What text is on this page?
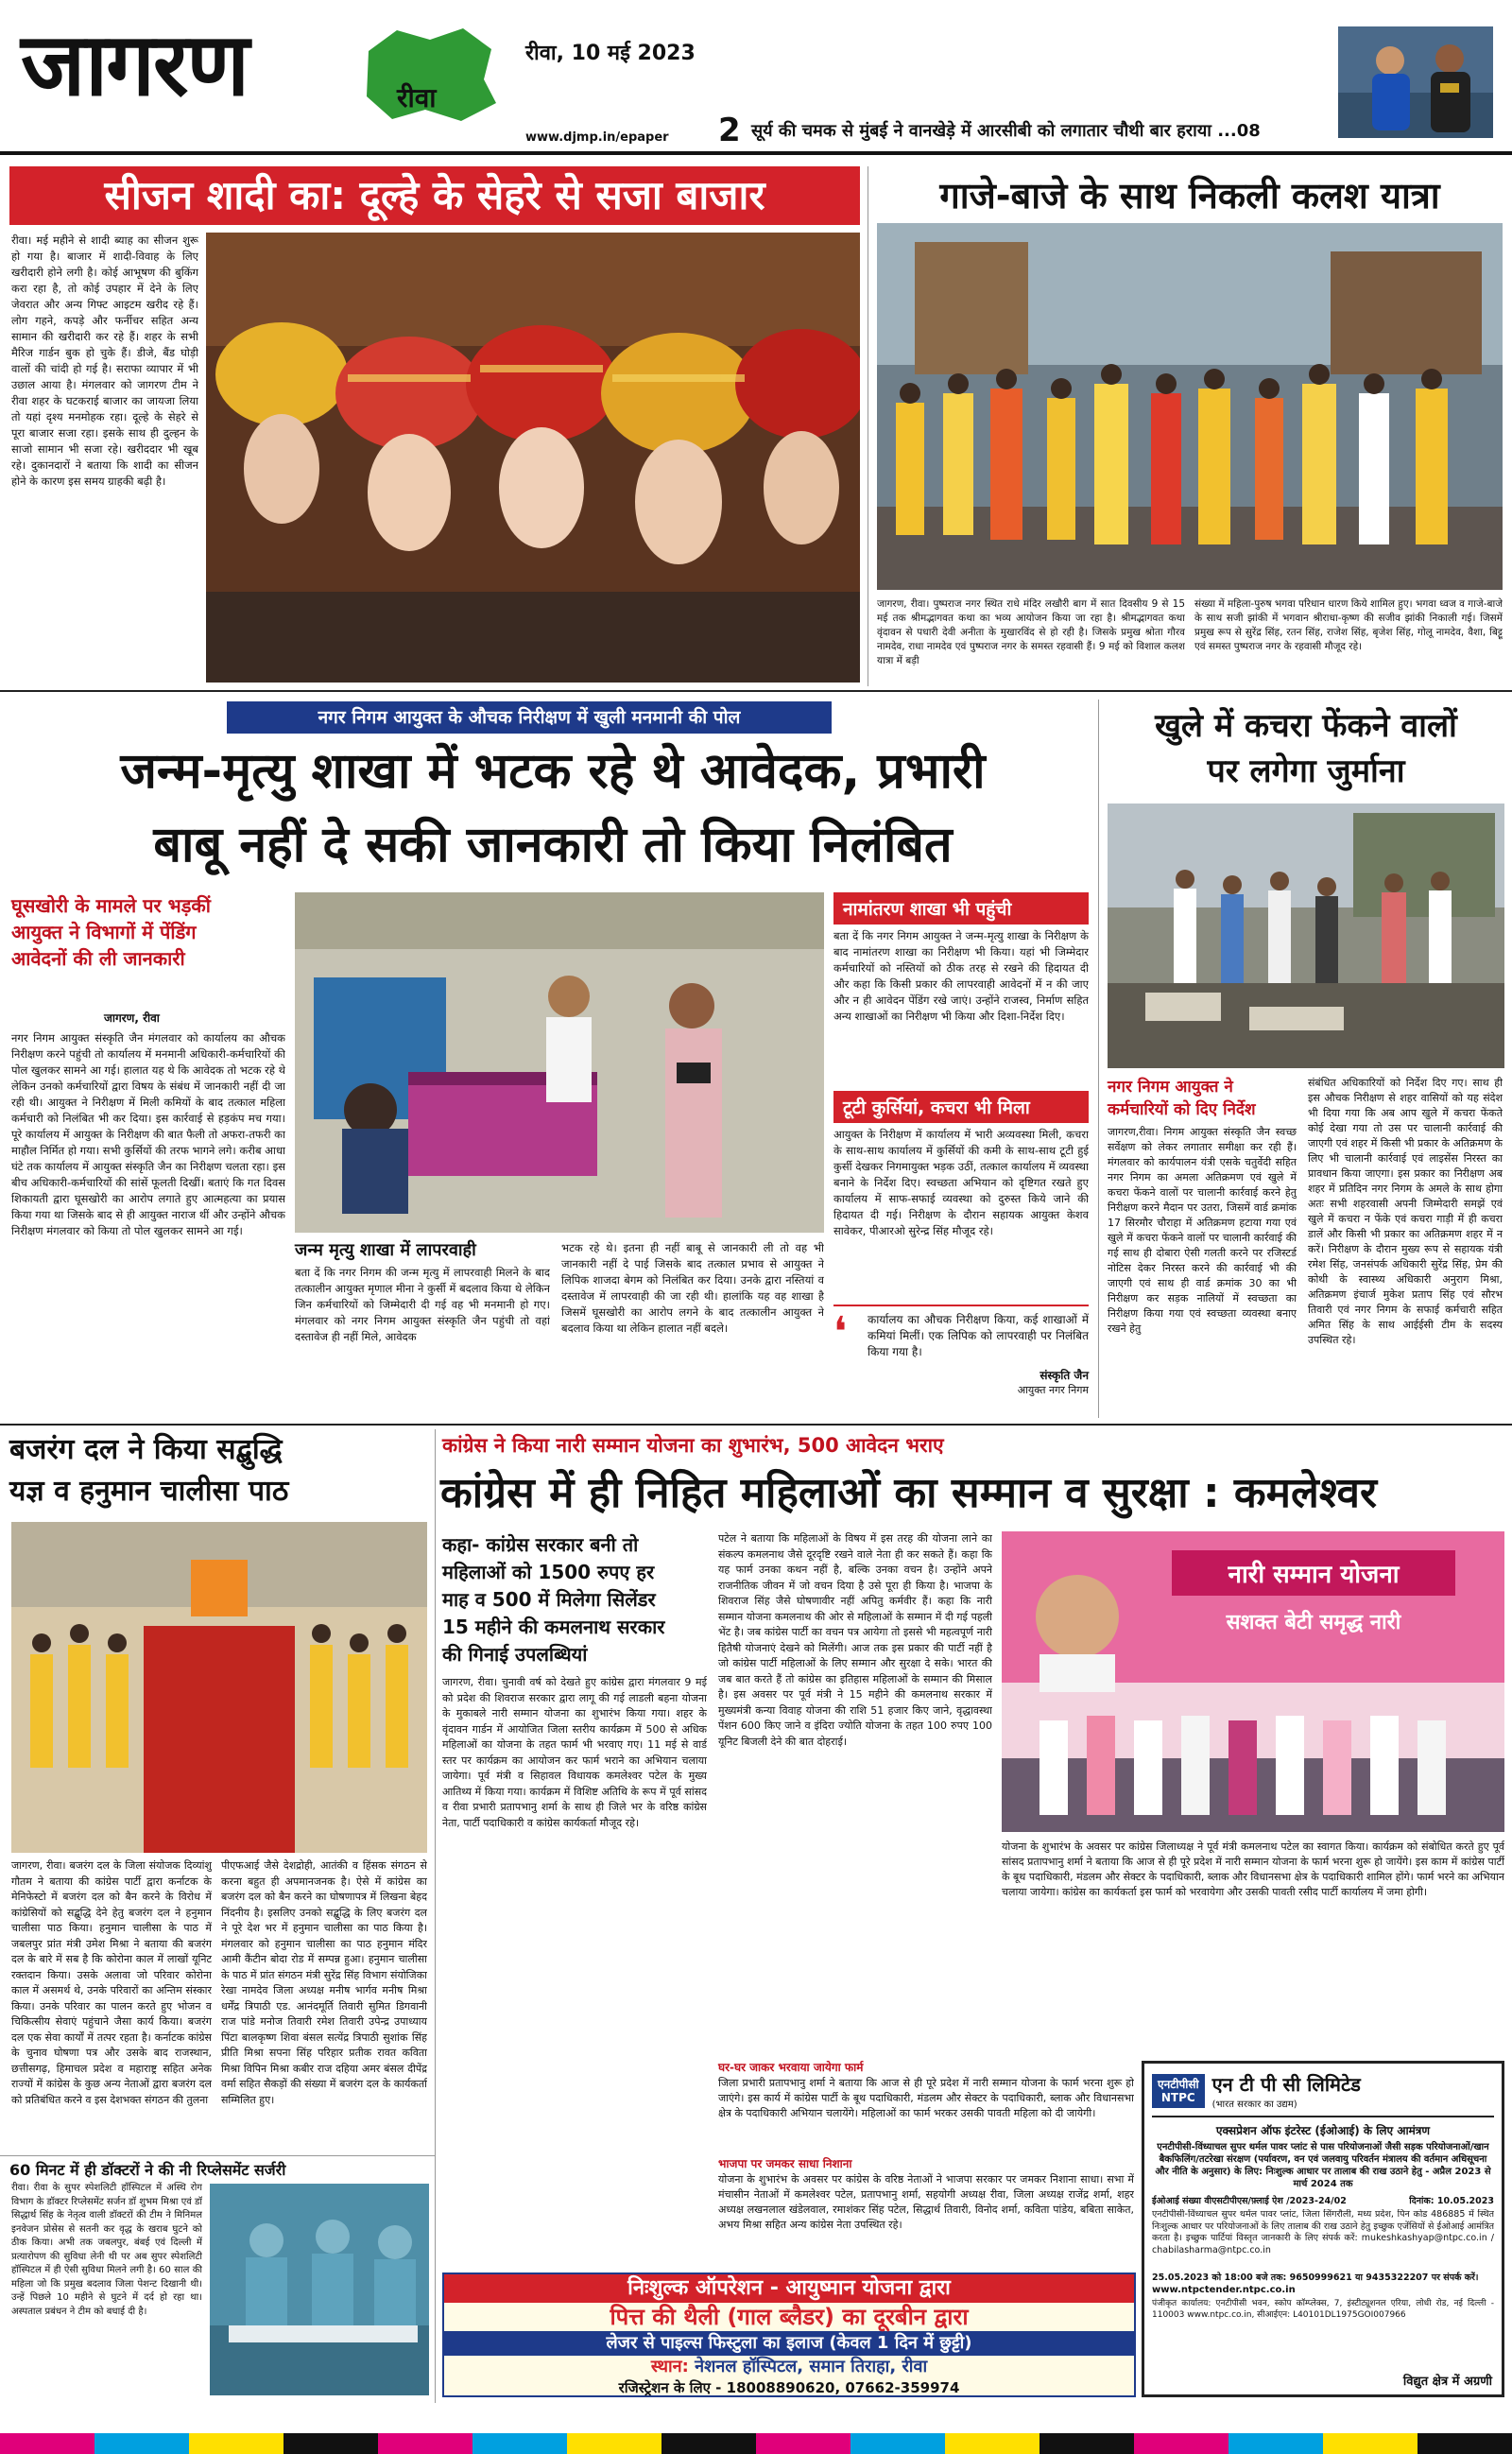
जागरण	रीवा
रीवा, 10 मई 2023
www.djmp.in/epaper 2 सूर्य की चमक से मुंबई ने वानखेड़े में आरसीबी को लगातार चौथी बार हराया ...08
सीजन शादी का: दूल्हे के सेहरे से सजा बाजार
रीवा। मई महीने से शादी ब्याह का सीजन शुरू हो गया है। बाजार में शादी-विवाह के लिए खरीदारी होने लगी है। कोई आभूषण की बुकिंग करा रहा है, तो कोई उपहार में देने के लिए जेवरात और अन्य गिफ्ट आइटम खरीद रहे हैं। लोग गहने, कपड़े और फर्नीचर सहित अन्य सामान की खरीदारी कर रहे हैं। शहर के सभी मैरिज गार्डन बुक हो चुके हैं। डीजे, बैंड घोड़ी वालों की चांदी हो गई है। सराफा व्यापार में भी उछाल आया है। मंगलवार को जागरण टीम ने रीवा शहर के घटकराई बाजार का जायजा लिया तो यहां दृश्य मनमोहक रहा। दूल्हे के सेहरे से पूरा बाजार सजा रहा। इसके साथ ही दुल्हन के साजो सामान भी सजा रहे। खरीददार भी खूब रहे। दुकानदारों ने बताया कि शादी का सीजन होने के कारण इस समय ग्राहकी बढ़ी है।
गाजे-बाजे के साथ निकली कलश यात्रा
जागरण, रीवा। पुष्पराज नगर स्थित राधे मंदिर लखौरी बाग में सात दिवसीय 9 से 15 मई तक श्रीमद्भागवत कथा का भव्य आयोजन किया जा रहा है। श्रीमद्भागवत कथा वृंदावन से पधारी देवी अनीता के मुखारविंद से हो रही है। जिसके प्रमुख श्रोता गौरव नामदेव, राधा नामदेव एवं पुष्पराज नगर के समस्त रहवासी हैं। 9 मई को विशाल कलश यात्रा में बड़ी
संख्या में महिला-पुरुष भगवा परिधान धारण किये शामिल हुए। भगवा ध्वज व गाजे-बाजे के साथ सजी झांकी में भगवान श्रीराधा-कृष्ण की सजीव झांकी निकाली गई। जिसमें प्रमुख रूप से सुरेंद्र सिंह, रतन सिंह, राजेश सिंह, बृजेश सिंह, गोलू नामदेव, वैशा, बिट्टू एवं समस्त पुष्पराज नगर के रहवासी मौजूद रहे।
नगर निगम आयुक्त के औचक निरीक्षण में खुली मनमानी की पोल
जन्म-मृत्यु शाखा में भटक रहे थे आवेदक, प्रभारी
बाबू नहीं दे सकी जानकारी तो किया निलंबित
घूसखोरी के मामले पर भड़कीं
आयुक्त ने विभागों में पेंडिंग
आवेदनों की ली जानकारी
जागरण, रीवा
नगर निगम आयुक्त संस्कृति जैन मंगलवार को कार्यालय का औचक निरीक्षण करने पहुंची तो कार्यालय में मनमानी अधिकारी-कर्मचारियों की पोल खुलकर सामने आ गई। हालात यह थे कि आवेदक तो भटक रहे थे लेकिन उनको कर्मचारियों द्वारा विषय के संबंध में जानकारी नहीं दी जा रही थी। आयुक्त ने निरीक्षण में मिली कमियों के बाद तत्काल महिला कर्मचारी को निलंबित भी कर दिया। इस कार्रवाई से हड़कंप मच गया। पूरे कार्यालय में आयुक्त के निरीक्षण की बात फैली तो अफरा-तफरी का माहौल निर्मित हो गया। सभी कुर्सियों की तरफ भागने लगे। करीब आधा घंटे तक कार्यालय में आयुक्त संस्कृति जैन का निरीक्षण चलता रहा। इस बीच अधिकारी-कर्मचारियों की सांसें फूलती दिखीं। बताएं कि गत दिवस शिकायती द्वारा घूसखोरी का आरोप लगाते हुए आत्महत्या का प्रयास किया गया था जिसके बाद से ही आयुक्त नाराज थीं और उन्होंने औचक निरीक्षण मंगलवार को किया तो पोल खुलकर सामने आ गई।
जन्म मृत्यु शाखा में लापरवाही
बता दें कि नगर निगम की जन्म मृत्यु में लापरवाही मिलने के बाद तत्कालीन आयुक्त मृणाल मीना ने कुर्सी में बदलाव किया थे लेकिन जिन कर्मचारियों को जिम्मेदारी दी गई वह भी मनमानी हो गए। मंगलवार को नगर निगम आयुक्त संस्कृति जैन पहुंची तो वहां दस्तावेज ही नहीं मिले, आवेदक
भटक रहे थे। इतना ही नहीं बाबू से जानकारी ली तो वह भी जानकारी नहीं दे पाई जिसके बाद तत्काल प्रभाव से आयुक्त ने लिपिक शाजदा बेगम को निलंबित कर दिया। उनके द्वारा नस्तियां व दस्तावेज में लापरवाही की जा रही थी। हालांकि यह वह शाखा है जिसमें घूसखोरी का आरोप लगने के बाद तत्कालीन आयुक्त ने बदलाव किया था लेकिन हालात नहीं बदले।
नामांतरण शाखा भी पहुंची
बता दें कि नगर निगम आयुक्त ने जन्म-मृत्यु शाखा के निरीक्षण के बाद नामांतरण शाखा का निरीक्षण भी किया। यहां भी जिम्मेदार कर्मचारियों को नस्तियों को ठीक तरह से रखने की हिदायत दी और कहा कि किसी प्रकार की लापरवाही आवेदनों में न की जाए और न ही आवेदन पेंडिंग रखे जाएं। उन्होंने राजस्व, निर्माण सहित अन्य शाखाओं का निरीक्षण भी किया और दिशा-निर्देश दिए।
टूटी कुर्सियां, कचरा भी मिला
आयुक्त के निरीक्षण में कार्यालय में भारी अव्यवस्था मिली, कचरा के साथ-साथ कार्यालय में कुर्सियों की कमी के साथ-साथ टूटी हुई कुर्सी देखकर निगमायुक्त भड़क उठीं, तत्काल कार्यालय में व्यवस्था बनाने के निर्देश दिए। स्वच्छता अभियान को दृष्टिगत रखते हुए कार्यालय में साफ-सफाई व्यवस्था को दुरुस्त किये जाने की हिदायत दी गई। निरीक्षण के दौरान सहायक आयुक्त केशव सावेकर, पीआरओ सुरेन्द्र सिंह मौजूद रहे।
❛ कार्यालय का औचक निरीक्षण किया, कई शाखाओं में कमियां मिलीं। एक लिपिक को लापरवाही पर निलंबित किया गया है।
संस्कृति जैन
आयुक्त नगर निगम
खुले में कचरा फेंकने वालों
पर लगेगा जुर्माना
नगर निगम आयुक्त ने
कर्मचारियों को दिए निर्देश
जागरण,रीवा। निगम आयुक्त संस्कृति जैन स्वच्छ सर्वेक्षण को लेकर लगातार समीक्षा कर रही हैं। मंगलवार को कार्यपालन यंत्री एसके चतुर्वेदी सहित नगर निगम का अमला अतिक्रमण एवं खुले में कचरा फेंकने वालों पर चालानी कार्रवाई करने हेतु निरीक्षण करने मैदान पर उतरा, जिसमें वार्ड क्रमांक 17 सिरमौर चौराहा में अतिक्रमण हटाया गया एवं खुले में कचरा फेंकने वालों पर चालानी कार्रवाई की गई साथ ही दोबारा ऐसी गलती करने पर रजिस्टर्ड नोटिस देकर निरस्त करने की कार्रवाई भी की जाएगी एवं साथ ही वार्ड क्रमांक 30 का भी निरीक्षण कर सड़क नालियों में स्वच्छता का निरीक्षण किया गया एवं स्वच्छता व्यवस्था बनाए रखने हेतु
संबंधित अधिकारियों को निर्देश दिए गए। साथ ही इस औचक निरीक्षण से शहर वासियों को यह संदेश भी दिया गया कि अब आप खुले में कचरा फेंकते कोई देखा गया तो उस पर चालानी कार्रवाई की जाएगी एवं शहर में किसी भी प्रकार के अतिक्रमण के लिए भी चालानी कार्रवाई एवं लाइसेंस निरस्त का प्रावधान किया जाएगा। इस प्रकार का निरीक्षण अब शहर में प्रतिदिन नगर निगम के अमले के साथ होगा अतः सभी शहरवासी अपनी जिम्मेदारी समझें एवं खुले में कचरा न फेंके एवं कचरा गाड़ी में ही कचरा डालें और किसी भी प्रकार का अतिक्रमण शहर में न करें। निरीक्षण के दौरान मुख्य रूप से सहायक यंत्री रमेश सिंह, जनसंपर्क अधिकारी सुरेंद्र सिंह, प्रेम की कोथी के स्वास्थ्य अधिकारी अनुराग मिश्रा, अतिक्रमण इंचार्ज मुकेश प्रताप सिंह एवं सौरभ तिवारी एवं नगर निगम के सफाई कर्मचारी सहित अमित सिंह के साथ आईईसी टीम के सदस्य उपस्थित रहे।
बजरंग दल ने किया सद्बुद्धि
यज्ञ व हनुमान चालीसा पाठ
जागरण, रीवा। बजरंग दल के जिला संयोजक दिव्यांशु गौतम ने बताया की कांग्रेस पार्टी द्वारा कर्नाटक के मेनिफेस्टो में बजरंग दल को बैन करने के विरोध में कांग्रेसियों को सद्बुद्धि देने हेतु बजरंग दल ने हनुमान चालीसा पाठ किया। हनुमान चालीसा के पाठ में जबलपुर प्रांत मंत्री उमेश मिश्रा ने बताया की बजरंग दल के बारे में सब है कि कोरोना काल में लाखों यूनिट रक्तदान किया। उसके अलावा जो परिवार कोरोना काल में असमर्थ थे, उनके परिवारों का अन्तिम संस्कार किया। उनके परिवार का पालन करते हुए भोजन व चिकित्सीय सेवाएं पहुंचाने जैसा कार्य किया। बजरंग दल एक सेवा कार्यों में तत्पर रहता है। कर्नाटक कांग्रेस के चुनाव घोषणा पत्र और उसके बाद राजस्थान, छत्तीसगढ़, हिमाचल प्रदेश व महाराष्ट्र सहित अनेक राज्यों में कांग्रेस के कुछ अन्य नेताओं द्वारा बजरंग दल को प्रतिबंधित करने व इस देशभक्त संगठन की तुलना
पीएफआई जैसे देशद्रोही, आतंकी व हिंसक संगठन से करना बहुत ही अपमानजनक है। ऐसे में कांग्रेस का बजरंग दल को बैन करने का घोषणापत्र में लिखना बेहद निंदनीय है। इसलिए उनको सद्बुद्धि के लिए बजरंग दल ने पूरे देश भर में हनुमान चालीसा का पाठ किया है। मंगलवार को हनुमान चालीसा का पाठ हनुमान मंदिर आमी कैंटीन बोदा रोड में सम्पन्न हुआ। हनुमान चालीसा के पाठ में प्रांत संगठन मंत्री सुरेंद्र सिंह विभाग संयोजिका रेखा नामदेव जिला अध्यक्ष मनीष भार्गव मनीष मिश्रा धर्मेंद्र त्रिपाठी एड. आनंदमूर्ति तिवारी सुमित डिगवानी राज पांडे मनोज तिवारी रमेश तिवारी उपेन्द्र उपाध्याय पिंटा बालकृष्ण शिवा बंसल सत्येंद्र त्रिपाठी सुशांक सिंह प्रीति मिश्रा सपना सिंह परिहार प्रतीक रावत कविता मिश्रा विपिन मिश्रा कबीर राज दहिया अमर बंसल दीपेंद्र वर्मा सहित सैकड़ों की संख्या में बजरंग दल के कार्यकर्ता सम्मिलित हुए।
कांग्रेस ने किया नारी सम्मान योजना का शुभारंभ, 500 आवेदन भराए
कांग्रेस में ही निहित महिलाओं का सम्मान व सुरक्षा : कमलेश्वर
कहा- कांग्रेस सरकार बनी तो
महिलाओं को 1500 रुपए हर
माह व 500 में मिलेगा सिलेंडर
15 महीने की कमलनाथ सरकार
की गिनाई उपलब्धियां
जागरण, रीवा। चुनावी वर्ष को देखते हुए कांग्रेस द्वारा मंगलवार 9 मई को प्रदेश की शिवराज सरकार द्वारा लागू की गई लाडली बहना योजना के मुकाबले नारी सम्मान योजना का शुभारंभ किया गया। शहर के वृंदावन गार्डन में आयोजित जिला स्तरीय कार्यक्रम में 500 से अधिक महिलाओं का योजना के तहत फार्म भी भरवाए गए। 11 मई से वार्ड स्तर पर कार्यक्रम का आयोजन कर फार्म भराने का अभियान चलाया जायेगा। पूर्व मंत्री व सिहावल विधायक कमलेश्वर पटेल के मुख्य आतिथ्य में किया गया। कार्यक्रम में विशिष्ट अतिथि के रूप में पूर्व सांसद व रीवा प्रभारी प्रतापभानु शर्मा के साथ ही जिले भर के वरिष्ठ कांग्रेस नेता, पार्टी पदाधिकारी व कांग्रेस कार्यकर्ता मौजूद रहे।
पटेल ने बताया कि महिलाओं के विषय में इस तरह की योजना लाने का संकल्प कमलनाथ जैसे दूरदृष्टि रखने वाले नेता ही कर सकते हैं। कहा कि यह फार्म उनका कथन नहीं है, बल्कि उनका वचन है। उन्होंने अपने राजनीतिक जीवन में जो वचन दिया है उसे पूरा ही किया है। भाजपा के शिवराज सिंह जैसे घोषणावीर नहीं अपितु कर्मवीर हैं। कहा कि नारी सम्मान योजना कमलनाथ की ओर से महिलाओं के सम्मान में दी गई पहली भेंट है। जब कांग्रेस पार्टी का वचन पत्र आयेगा तो इससे भी महत्वपूर्ण नारी हितैषी योजनाएं देखने को मिलेंगी। आज तक इस प्रकार की पार्टी नहीं है जो कांग्रेस पार्टी महिलाओं के लिए सम्मान और सुरक्षा दे सके। भारत की जब बात करते हैं तो कांग्रेस का इतिहास महिलाओं के सम्मान की मिसाल है। इस अवसर पर पूर्व मंत्री ने 15 महीने की कमलनाथ सरकार में मुख्यमंत्री कन्या विवाह योजना की राशि 51 हजार किए जाने, वृद्धावस्था पेंशन 600 किए जाने व इंदिरा ज्योति योजना के तहत 100 रुपए 100 यूनिट बिजली देने की बात दोहराई।
नारी सम्मान योजना
सशक्त बेटी समृद्ध नारी
योजना के शुभारंभ के अवसर पर कांग्रेस जिलाध्यक्ष ने पूर्व मंत्री कमलनाथ पटेल का स्वागत किया। कार्यक्रम को संबोधित करते हुए पूर्व सांसद प्रतापभानु शर्मा ने बताया कि आज से ही पूरे प्रदेश में नारी सम्मान योजना के फार्म भरना शुरू हो जायेंगे। इस काम में कांग्रेस पार्टी के बूथ पदाधिकारी, मंडलम और सेक्टर के पदाधिकारी, ब्लाक और विधानसभा क्षेत्र के पदाधिकारी शामिल होंगे। फार्म भरने का अभियान चलाया जायेगा। कांग्रेस का कार्यकर्ता इस फार्म को भरवायेगा और उसकी पावती रसीद पार्टी कार्यालय में जमा होगी।
घर-घर जाकर भरवाया जायेगा फार्म
जिला प्रभारी प्रतापभानु शर्मा ने बताया कि आज से ही पूरे प्रदेश में नारी सम्मान योजना के फार्म भरना शुरू हो जाएंगे। इस कार्य में कांग्रेस पार्टी के बूथ पदाधिकारी, मंडलम और सेक्टर के पदाधिकारी, ब्लाक और विधानसभा क्षेत्र के पदाधिकारी अभियान चलायेंगे। महिलाओं का फार्म भरकर उसकी पावती महिला को दी जायेगी।
भाजपा पर जमकर साधा निशाना
योजना के शुभारंभ के अवसर पर कांग्रेस के वरिष्ठ नेताओं ने भाजपा सरकार पर जमकर निशाना साधा। सभा में मंचासीन नेताओं में कमलेश्वर पटेल, प्रतापभानु शर्मा, सहयोगी अध्यक्ष रीवा, जिला अध्यक्ष राजेंद्र शर्मा, शहर अध्यक्ष लखनलाल खंडेलवाल, रमाशंकर सिंह पटेल, सिद्धार्थ तिवारी, विनोद शर्मा, कविता पांडेय, बबिता साकेत, अभय मिश्रा सहित अन्य कांग्रेस नेता उपस्थित रहे।
एनटीपीसी
NTPC
एन टी पी सी लिमिटेड
(भारत सरकार का उद्यम)
एक्सप्रेशन ऑफ इंटरेस्ट (ईओआई) के लिए आमंत्रण
एनटीपीसी-विंध्याचल सुपर थर्मल पावर प्लांट से पास परियोजनाओं जैसी सड़क परियोजनाओं/खान बैकफिलिंग/तटरेखा संरक्षण (पर्यावरण, वन एवं जलवायु परिवर्तन मंत्रालय की वर्तमान अधिसूचना और नीति के अनुसार) के लिए: निःशुल्क आधार पर तालाब की राख उठाने हेतु - अप्रैल 2023 से मार्च 2024 तक
ईओआई संख्या वीएसटीपीएस/फ़्लाई ऐश /2023-24/02	दिनांक: 10.05.2023
एनटीपीसी-विंध्याचल सुपर थर्मल पावर प्लांट, जिला सिंगरौली, मध्य प्रदेश, पिन कोड 486885 में स्थित निःशुल्क आधार पर परियोजनाओं के लिए तालाब की राख उठाने हेतु इच्छुक एजेंसियों से ईओआई आमंत्रित करता है। इच्छुक पार्टियां विस्तृत जानकारी के लिए संपर्क करें: mukeshkashyap@ntpc.co.in / chabilasharma@ntpc.co.in
25.05.2023 को 18:00 बजे तक: 9650999621 या 9435322207 पर संपर्क करें।
www.ntpctender.ntpc.co.in
पंजीकृत कार्यालय: एनटीपीसी भवन, स्कोप कॉम्प्लेक्स, 7, इंस्टीट्यूशनल एरिया, लोधी रोड, नई दिल्ली - 110003 www.ntpc.co.in, सीआईएन: L40101DL1975GOI007966
विद्युत क्षेत्र में अग्रणी
60 मिनट में ही डॉक्टरों ने की नी रिप्लेसमेंट सर्जरी
रीवा। रीवा के सुपर स्पेशलिटी हॉस्पिटल में अस्थि रोग विभाग के डॉक्टर रिप्लेसमेंट सर्जन डॉ शुभम मिश्रा एवं डॉ सिद्धार्थ सिंह के नेतृत्व वाली डॉक्टरों की टीम ने मिनिमल इनवेजन प्रोसेस से सतनी कर वृद्ध के खराब घुटने को ठीक किया। अभी तक जबलपुर, बंबई एवं दिल्ली में प्रत्यारोपण की सुविधा लेनी थी पर अब सुपर स्पेशलिटी हॉस्पिटल में ही ऐसी सुविधा मिलने लगी है। 60 साल की महिला जो कि प्रमुख बदलाव जिला पेशन्ट दिखानी थी। उन्हें पिछले 10 महीने से घुटने में दर्द हो रहा था। अस्पताल प्रबंधन ने टीम को बधाई दी है।
निःशुल्क ऑपरेशन - आयुष्मान योजना द्वारा
पित्त की थैली (गाल ब्लैडर) का दूरबीन द्वारा
लेजर से पाइल्स फिस्टुला का इलाज (केवल 1 दिन में छुट्टी)
स्थान: नेशनल हॉस्पिटल, समान तिराहा, रीवा
रजिस्ट्रेशन के लिए - 18008890620, 07662-359974
